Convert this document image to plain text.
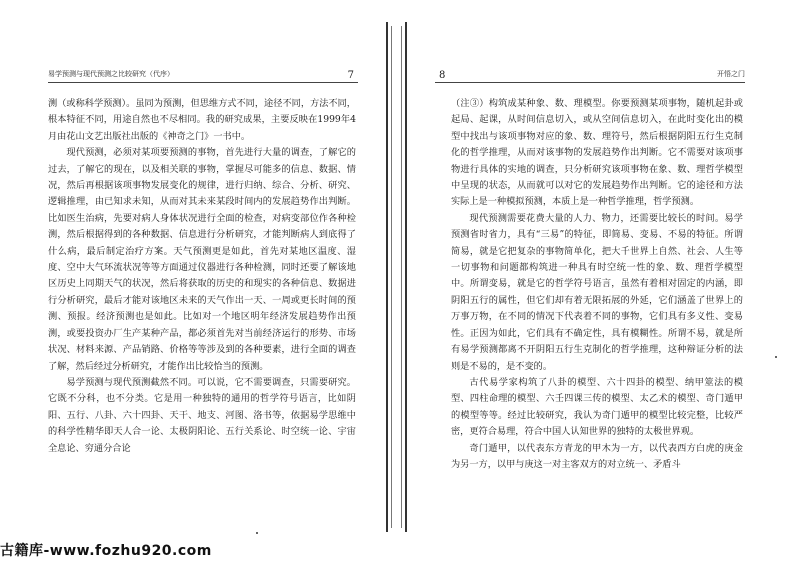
易学预测与现代预测之比较研究（代序）	7

测（或称科学预测）。虽同为预测，但思维方式不同，途径不同，方法不同，根本特征不同，用途自然也不尽相同。我的研究成果，主要反映在1999年4月由花山文艺出版社出版的《神奇之门》一书中。

现代预测，必须对某项要预测的事物，首先进行大量的调查，了解它的过去，了解它的现在，以及相关联的事物，掌握尽可能多的信息、数据、情况，然后再根据该项事物发展变化的规律，进行归纳、综合、分析、研究、逻辑推理，由已知求未知，从而对其未来某段时间内的发展趋势作出判断。比如医生治病，先要对病人身体状况进行全面的检查，对病变部位作各种检测，然后根据得到的各种数据、信息进行分析研究，才能判断病人到底得了什么病，最后制定治疗方案。天气预测更是如此，首先对某地区温度、湿度、空中大气环流状况等等方面通过仪器进行各种检测，同时还要了解该地区历史上同期天气的状况，然后将获取的历史的和现实的各种信息、数据进行分析研究，最后才能对该地区未来的天气作出一天、一周或更长时间的预测、预报。经济预测也是如此。比如对一个地区明年经济发展趋势作出预测，或要投资办厂生产某种产品，都必须首先对当前经济运行的形势、市场状况、材料来源、产品销路、价格等等涉及到的各种要素，进行全面的调查了解，然后经过分析研究，才能作出比较恰当的预测。

易学预测与现代预测截然不同。可以说，它不需要调查，只需要研究。它既不分科，也不分类。它是用一种独特的通用的哲学符号语言，比如阴阳、五行、八卦、六十四卦、天干、地支、河图、洛书等，依据易学思维中的科学性精华即天人合一论、太极阴阳论、五行关系论、时空统一论、宇宙全息论、穷通分合论

8	开悟之门

（注③）构筑成某种象、数、理模型。你要预测某项事物，随机起卦或起局、起课，从时间信息切入，或从空间信息切入，在此时变化出的模型中找出与该项事物对应的象、数、理符号，然后根据阴阳五行生克制化的哲学推理，从而对该事物的发展趋势作出判断。它不需要对该项事物进行具体的实地的调查，只分析研究该项事物在象、数、理哲学模型中呈现的状态，从而就可以对它的发展趋势作出判断。它的途径和方法实际上是一种模拟预测，本质上是一种哲学推理，哲学预测。

现代预测需要花费大量的人力、物力，还需要比较长的时间。易学预测省时省力，具有“三易”的特征，即简易、变易、不易的特征。所谓简易，就是它把复杂的事物简单化，把大千世界上自然、社会、人生等一切事物和问题都构筑进一种具有时空统一性的象、数、理哲学模型中。所谓变易，就是它的哲学符号语言，虽然有着相对固定的内涵，即阴阳五行的属性，但它们却有着无限拓展的外延，它们涵盖了世界上的万事万物，在不同的情况下代表着不同的事物，它们具有多义性、变易性。正因为如此，它们具有不确定性，具有模糊性。所谓不易，就是所有易学预测都离不开阴阳五行生克制化的哲学推理，这种辩证分析的法则是不易的，是不变的。

古代易学家构筑了八卦的模型、六十四卦的模型、纳甲筮法的模型、四柱命理的模型、六壬四课三传的模型、太乙术的模型、奇门遁甲的模型等等。经过比较研究，我认为奇门遁甲的模型比较完整，比较严密，更符合易理，符合中国人认知世界的独特的太极世界观。

奇门遁甲，以代表东方青龙的甲木为一方，以代表西方白虎的庚金为另一方，以甲与庚这一对主客双方的对立统一、矛盾斗

古籍库-www.fozhu920.com
